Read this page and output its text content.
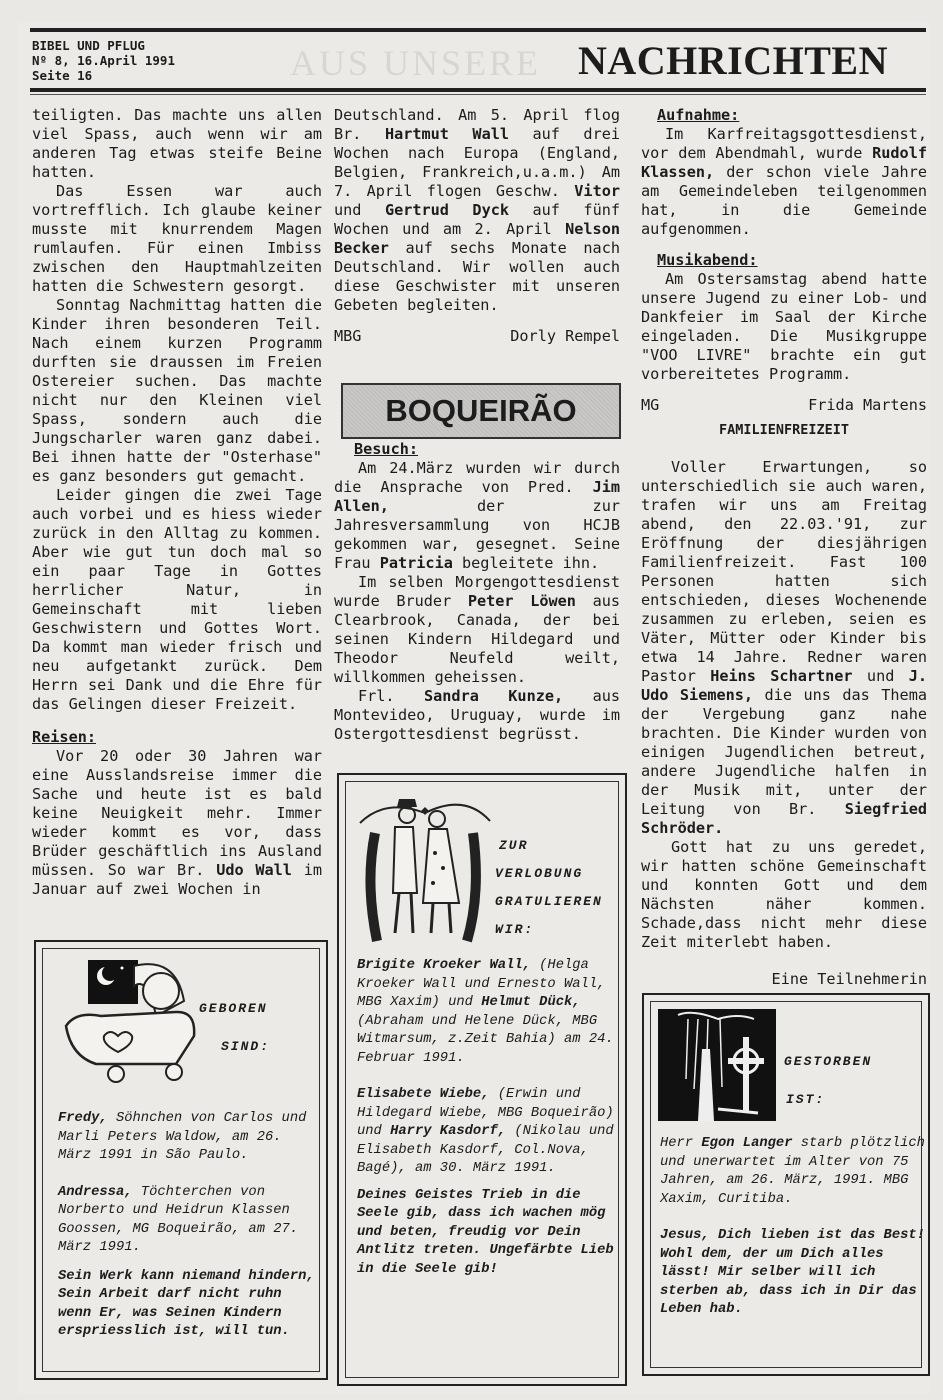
AUS UNSERE
BIBEL UND PFLUG
Nº 8, 16.April 1991
Seite 16	NACHRICHTEN

teiligten. Das machte uns allen viel Spass, auch wenn wir am anderen Tag etwas steife Beine hatten.

Das Essen war auch vortrefflich. Ich glaube keiner musste mit knurrendem Magen rumlaufen. Für einen Imbiss zwischen den Hauptmahlzeiten hatten die Schwestern gesorgt.

Sonntag Nachmittag hatten die Kinder ihren besonderen Teil. Nach einem kurzen Programm durften sie draussen im Freien Ostereier suchen. Das machte nicht nur den Kleinen viel Spass, sondern auch die Jungscharler waren ganz dabei. Bei ihnen hatte der "Osterhase" es ganz besonders gut gemacht.

Leider gingen die zwei Tage auch vorbei und es hiess wieder zurück in den Alltag zu kommen. Aber wie gut tun doch mal so ein paar Tage in Gottes herrlicher Natur, in Gemeinschaft mit lieben Geschwistern und Gottes Wort. Da kommt man wieder frisch und neu aufgetankt zurück. Dem Herrn sei Dank und die Ehre für das Gelingen dieser Freizeit.

Reisen:

Vor 20 oder 30 Jahren war eine Ausslandsreise immer die Sache und heute ist es bald keine Neuigkeit mehr. Immer wieder kommt es vor, dass Brüder geschäftlich ins Ausland müssen. So war Br. Udo Wall im Januar auf zwei Wochen in

Deutschland. Am 5. April flog Br. Hartmut Wall auf drei Wochen nach Europa (England, Belgien, Frankreich,u.a.m.) Am 7. April flogen Geschw. Vitor und Gertrud Dyck auf fünf Wochen und am 2. April Nelson Becker auf sechs Monate nach Deutschland. Wir wollen auch diese Geschwister mit unseren Gebeten begleiten.

MBG	Dorly Rempel

Besuch:

Am 24.März wurden wir durch die Ansprache von Pred. Jim Allen, der zur Jahresversammlung von HCJB gekommen war, gesegnet. Seine Frau Patricia begleitete ihn.

Im selben Morgengottesdienst wurde Bruder Peter Löwen aus Clearbrook, Canada, der bei seinen Kindern Hildegard und Theodor Neufeld weilt, willkommen geheissen.

Frl. Sandra Kunze, aus Montevideo, Uruguay, wurde im Ostergottesdienst begrüsst.

BOQUEIRÃO

Aufnahme:

Im Karfreitagsgottesdienst, vor dem Abendmahl, wurde Rudolf Klassen, der schon viele Jahre am Gemeindeleben teilgenommen hat, in die Gemeinde aufgenommen.

Musikabend:

Am Ostersamstag abend hatte unsere Jugend zu einer Lob- und Dankfeier im Saal der Kirche eingeladen. Die Musikgruppe "VOO LIVRE" brachte ein gut vorbereitetes Programm.

MG	Frida Martens

FAMILIENFREIZEIT

Voller Erwartungen, so unterschiedlich sie auch waren, trafen wir uns am Freitag abend, den 22.03.'91, zur Eröffnung der diesjährigen Familienfreizeit. Fast 100 Personen hatten sich entschieden, dieses Wochenende zusammen zu erleben, seien es Väter, Mütter oder Kinder bis etwa 14 Jahre. Redner waren Pastor Heins Schartner und J. Udo Siemens, die uns das Thema der Vergebung ganz nahe brachten. Die Kinder wurden von einigen Jugendlichen betreut, andere Jugendliche halfen in der Musik mit, unter der Leitung von Br. Siegfried Schröder.

Gott hat zu uns geredet, wir hatten schöne Gemeinschaft und konnten Gott und dem Nächsten näher kommen. Schade,dass nicht mehr diese Zeit miterlebt haben.

Eine Teilnehmerin

GEBOREN
SIND:

Fredy, Söhnchen von Carlos und Marli Peters Waldow, am 26. März 1991 in São Paulo.

Andressa, Töchterchen von Norberto und Heidrun Klassen Goossen, MG Boqueirão, am 27. März 1991.

Sein Werk kann niemand hindern, Sein Arbeit darf nicht ruhn wenn Er, was Seinen Kindern erspriesslich ist, will tun.

ZUR
VERLOBUNG
GRATULIEREN
WIR:

Brigite Kroeker Wall, (Helga Kroeker Wall und Ernesto Wall, MBG Xaxim) und Helmut Dück, (Abraham und Helene Dück, MBG Witmarsum, z.Zeit Bahia) am 24. Februar 1991.

Elisabete Wiebe, (Erwin und Hildegard Wiebe, MBG Boqueirão) und Harry Kasdorf, (Nikolau und Elisabeth Kasdorf, Col.Nova, Bagé), am 30. März 1991.

Deines Geistes Trieb in die Seele gib, dass ich wachen mög und beten, freudig vor Dein Antlitz treten. Ungefärbte Lieb in die Seele gib!

GESTORBEN
IST:

Herr Egon Langer starb plötzlich und unerwartet im Alter von 75 Jahren, am 26. März, 1991. MBG Xaxim, Curitiba.

Jesus, Dich lieben ist das Best! Wohl dem, der um Dich alles lässt! Mir selber will ich sterben ab, dass ich in Dir das Leben hab.
